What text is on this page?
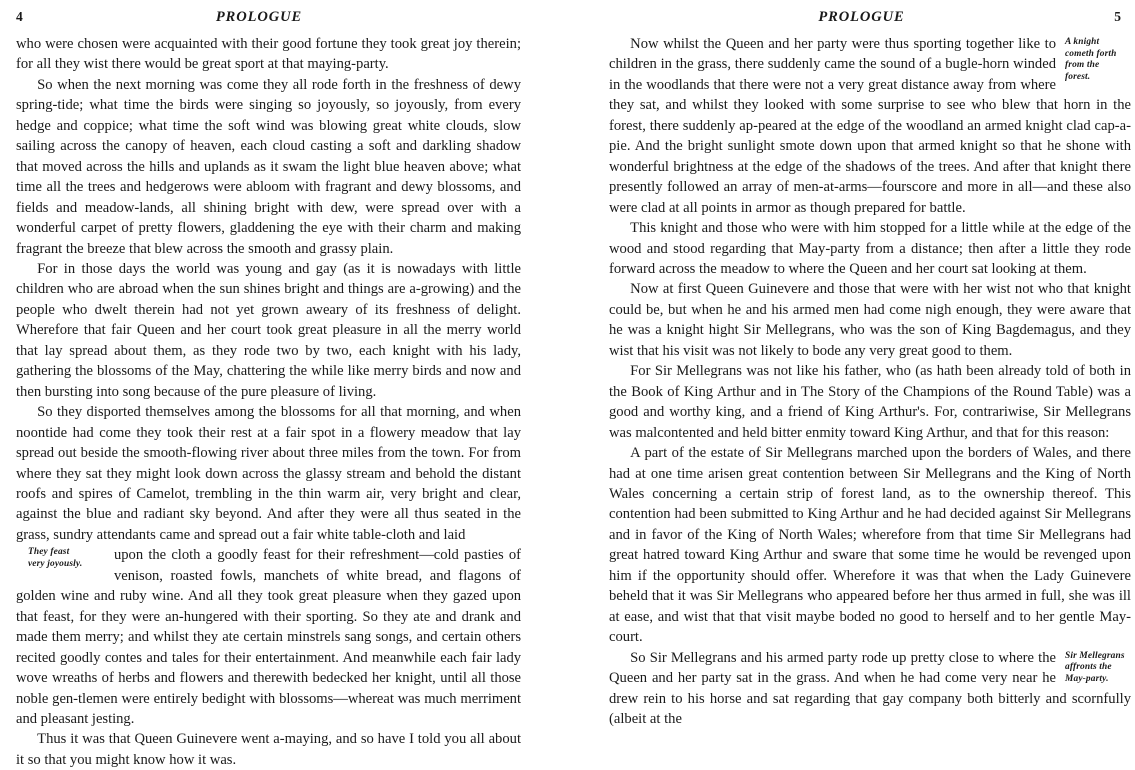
4	PROLOGUE

who were chosen were acquainted with their good fortune they took great joy therein; for all they wist there would be great sport at that maying-party.

So when the next morning was come they all rode forth in the freshness of dewy spring-tide; what time the birds were singing so joyously, so joyously, from every hedge and coppice; what time the soft wind was blowing great white clouds, slow sailing across the canopy of heaven, each cloud casting a soft and darkling shadow that moved across the hills and uplands as it swam the light blue heaven above; what time all the trees and hedgerows were abloom with fragrant and dewy blossoms, and fields and meadow-lands, all shining bright with dew, were spread over with a wonderful carpet of pretty flowers, gladdening the eye with their charm and making fragrant the breeze that blew across the smooth and grassy plain.

For in those days the world was young and gay (as it is nowadays with little children who are abroad when the sun shines bright and things are a-growing) and the people who dwelt therein had not yet grown aweary of its freshness of delight. Wherefore that fair Queen and her court took great pleasure in all the merry world that lay spread about them, as they rode two by two, each knight with his lady, gathering the blossoms of the May, chattering the while like merry birds and now and then bursting into song because of the pure pleasure of living.

So they disported themselves among the blossoms for all that morning, and when noontide had come they took their rest at a fair spot in a flowery meadow that lay spread out beside the smooth-flowing river about three miles from the town. For from where they sat they might look down across the glassy stream and behold the distant roofs and spires of Camelot, trembling in the thin warm air, very bright and clear, against the blue and radiant sky beyond. And after they were all thus seated in the grass, sundry attendants came and spread out a fair white table-cloth and laid

They feast
very joyously.

upon the cloth a goodly feast for their refreshment—cold pasties of venison, roasted fowls, manchets of white bread, and flagons of golden wine and ruby wine. And all they took great pleasure when they gazed upon that feast, for they were an-hungered with their sporting. So they ate and drank and made them merry; and whilst they ate certain minstrels sang songs, and certain others recited goodly contes and tales for their entertainment. And meanwhile each fair lady wove wreaths of herbs and flowers and therewith bedecked her knight, until all those noble gen-tlemen were entirely bedight with blossoms—whereat was much merriment and pleasant jesting.

Thus it was that Queen Guinevere went a-maying, and so have I told you all about it so that you might know how it was.

PROLOGUE	5
A knight
cometh forth
from the
forest.

Now whilst the Queen and her party were thus sporting together like to children in the grass, there suddenly came the sound of a bugle-horn winded in the woodlands that there were not a very great distance away from where they sat, and whilst they looked with some surprise to see who blew that horn in the forest, there suddenly ap-peared at the edge of the woodland an armed knight clad cap-a-pie. And the bright sunlight smote down upon that armed knight so that he shone with wonderful brightness at the edge of the shadows of the trees. And after that knight there presently followed an array of men-at-arms—fourscore and more in all—and these also were clad at all points in armor as though prepared for battle.

This knight and those who were with him stopped for a little while at the edge of the wood and stood regarding that May-party from a distance; then after a little they rode forward across the meadow to where the Queen and her court sat looking at them.

Now at first Queen Guinevere and those that were with her wist not who that knight could be, but when he and his armed men had come nigh enough, they were aware that he was a knight hight Sir Mellegrans, who was the son of King Bagdemagus, and they wist that his visit was not likely to bode any very great good to them.

For Sir Mellegrans was not like his father, who (as hath been already told of both in the Book of King Arthur and in The Story of the Champions of the Round Table) was a good and worthy king, and a friend of King Arthur's. For, contrariwise, Sir Mellegrans was malcontented and held bitter enmity toward King Arthur, and that for this reason:

A part of the estate of Sir Mellegrans marched upon the borders of Wales, and there had at one time arisen great contention between Sir Mellegrans and the King of North Wales concerning a certain strip of forest land, as to the ownership thereof. This contention had been submitted to King Arthur and he had decided against Sir Mellegrans and in favor of the King of North Wales; wherefore from that time Sir Mellegrans had great hatred toward King Arthur and sware that some time he would be revenged upon him if the opportunity should offer. Wherefore it was that when the Lady Guinevere beheld that it was Sir Mellegrans who appeared before her thus armed in full, she was ill at ease, and wist that that visit maybe boded no good to herself and to her gentle May-court.

Sir Mellegrans
affronts the
May-party.

So Sir Mellegrans and his armed party rode up pretty close to where the Queen and her party sat in the grass. And when he had come very near he drew rein to his horse and sat regarding that gay company both bitterly and scornfully (albeit at the
